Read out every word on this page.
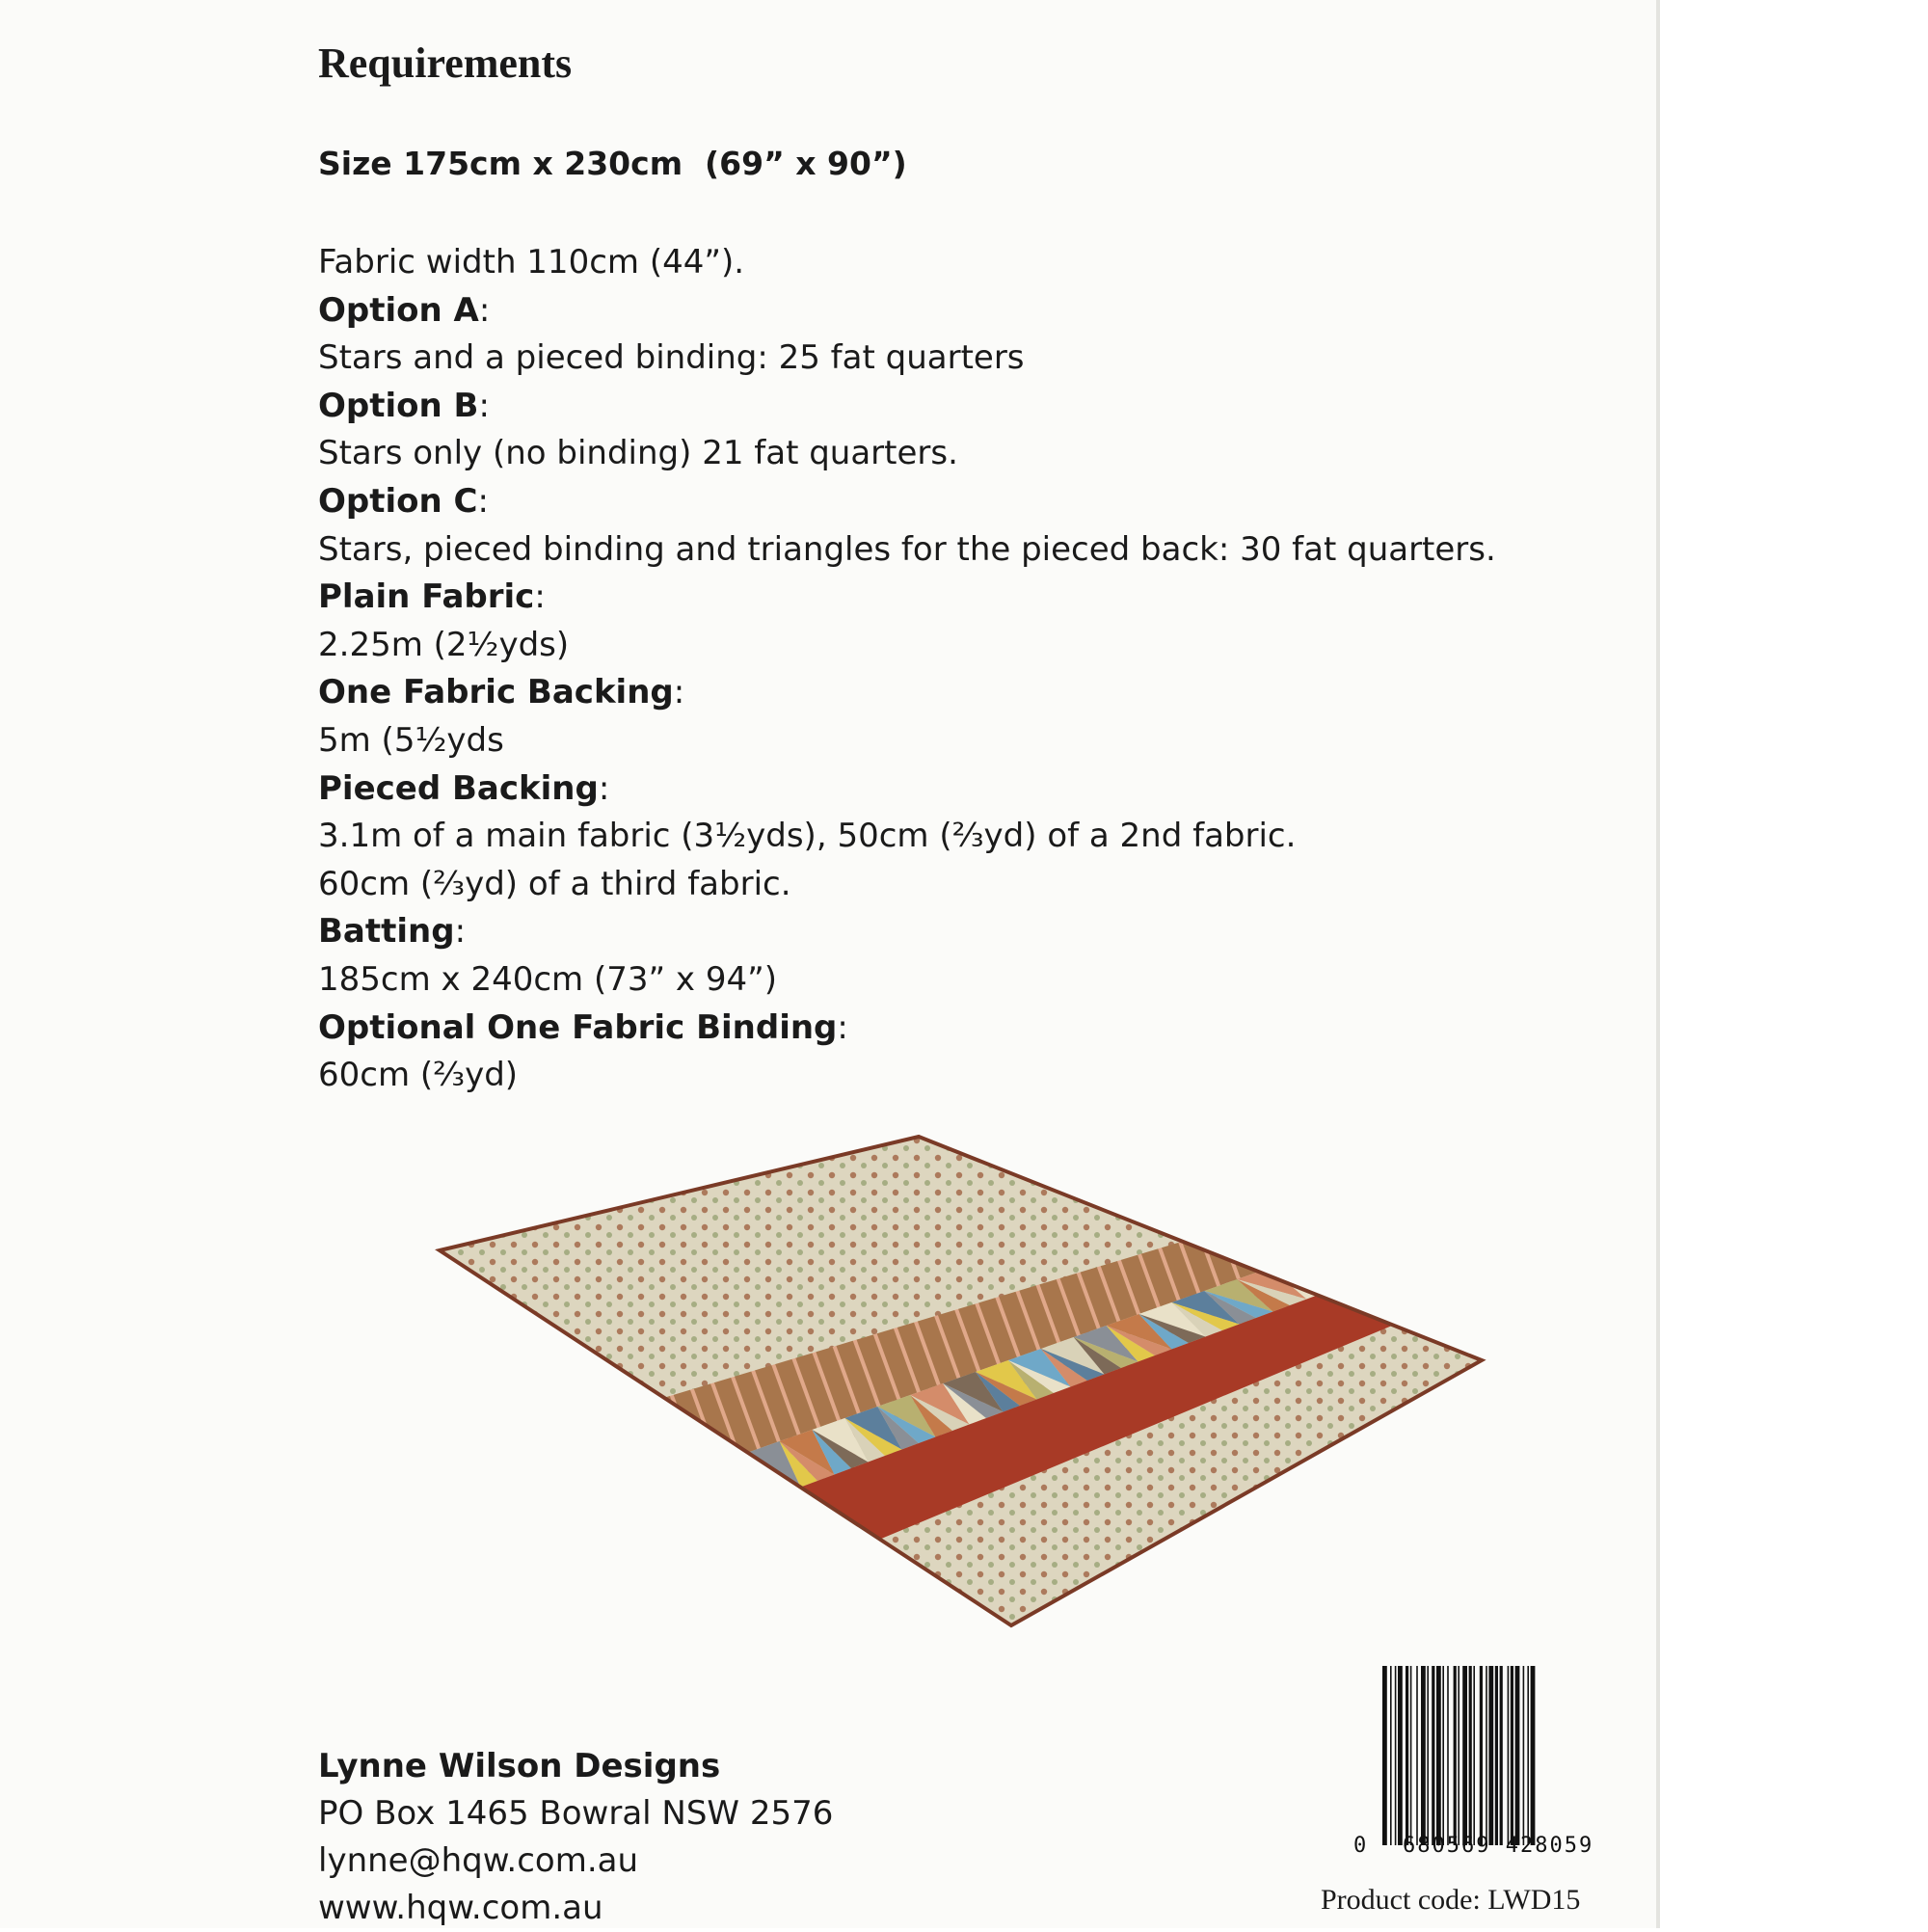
Requirements
Size 175cm x 230cm  (69” x 90”)
Fabric width 110cm (44”).
Option A:
Stars and a pieced binding: 25 fat quarters
Option B:
Stars only (no binding) 21 fat quarters.
Option C:
Stars, pieced binding and triangles for the pieced back: 30 fat quarters.
Plain Fabric:
2.25m (2½yds)
One Fabric Backing:
5m (5½yds
Pieced Backing:
3.1m of a main fabric (3½yds), 50cm (⅔yd) of a 2nd fabric.
60cm (⅔yd) of a third fabric.
Batting:
185cm x 240cm (73” x 94”)
Optional One Fabric Binding:
60cm (⅔yd)
Lynne Wilson Designs
PO Box 1465 Bowral NSW 2576
lynne@hqw.com.au
www.hqw.com.au
0 680569 428059
Product code: LWD15
